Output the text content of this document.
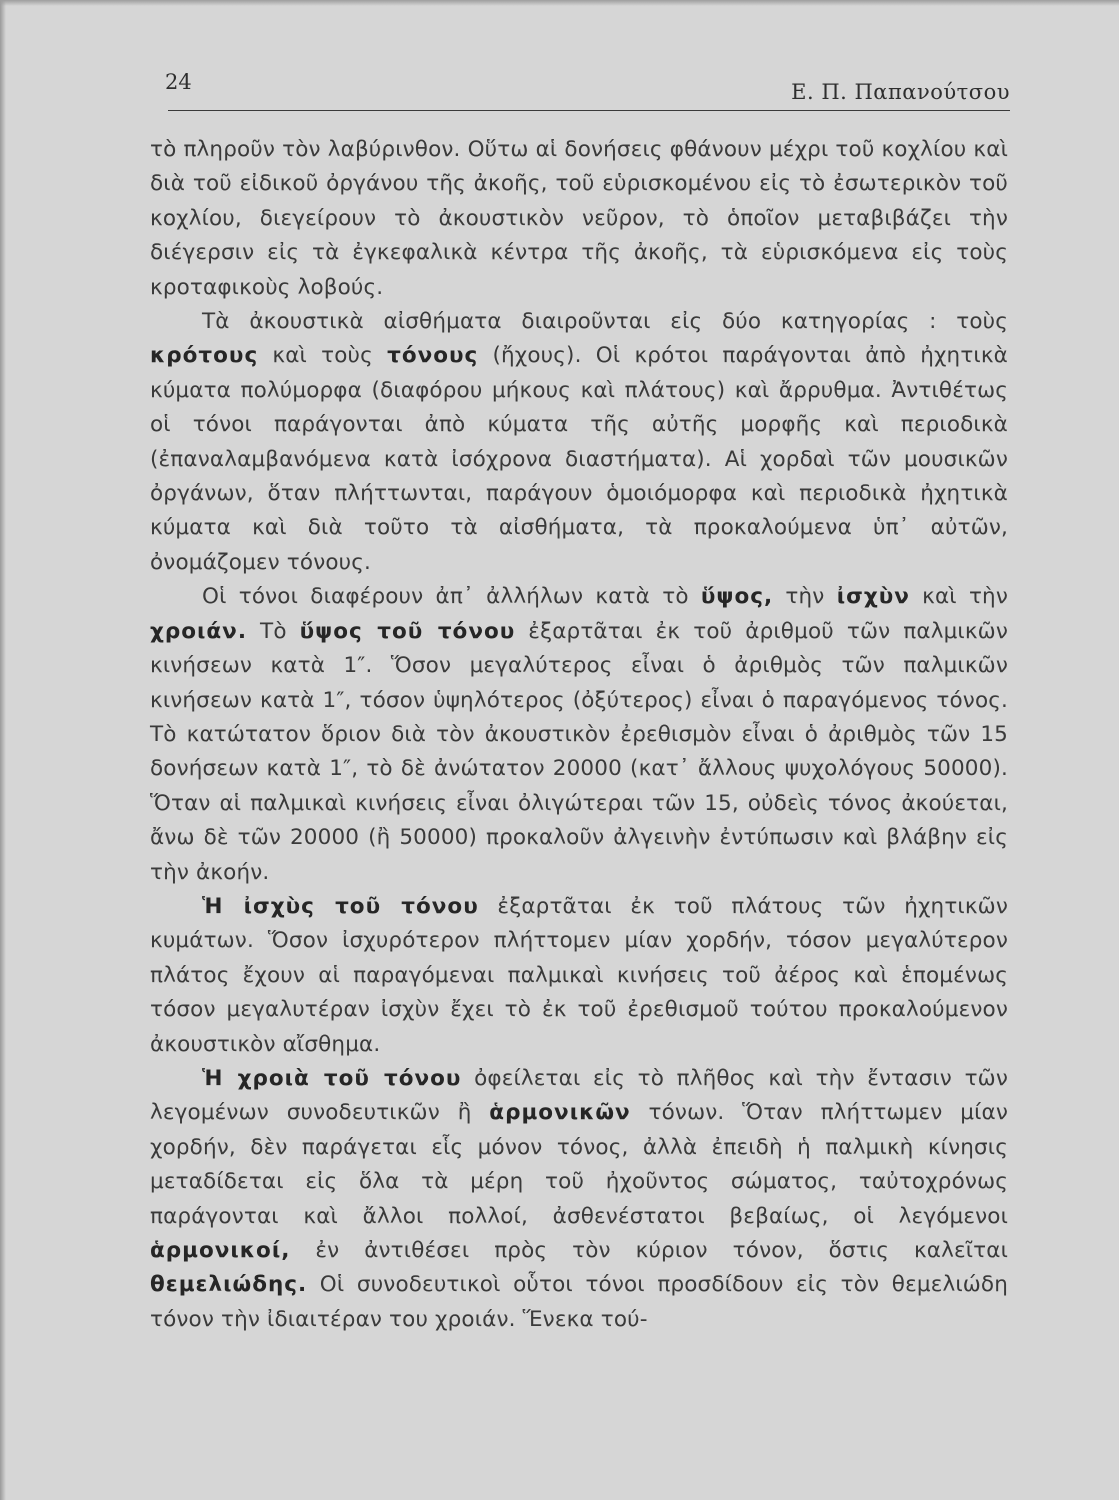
24	Ε. Π. Παπανούτσου

τὸ πληροῦν τὸν λαβύρινθον. Οὕτω αἱ δονήσεις φθάνουν μέχρι τοῦ κοχλίου καὶ διὰ τοῦ εἰδικοῦ ὀργάνου τῆς ἀκοῆς, τοῦ εὑρισκομένου εἰς τὸ ἐσωτερικὸν τοῦ κοχλίου, διεγείρουν τὸ ἀκουστικὸν νεῦρον, τὸ ὁποῖον μεταβιβάζει τὴν διέγερσιν εἰς τὰ ἐγκεφαλικὰ κέντρα τῆς ἀκοῆς, τὰ εὑρισκόμενα εἰς τοὺς κροταφικοὺς λοβούς.

Τὰ ἀκουστικὰ αἰσθήματα διαιροῦνται εἰς δύο κατηγορίας : τοὺς κρότους καὶ τοὺς τόνους (ἤχους). Οἱ κρότοι παράγονται ἀπὸ ἠχητικὰ κύματα πολύμορφα (διαφόρου μήκους καὶ πλάτους) καὶ ἄρρυθμα. Ἀντιθέτως οἱ τόνοι παράγονται ἀπὸ κύματα τῆς αὐτῆς μορφῆς καὶ περιοδικὰ (ἐπαναλαμβανόμενα κατὰ ἰσόχρονα διαστήματα). Αἱ χορδαὶ τῶν μουσικῶν ὀργάνων, ὅταν πλήττωνται, παράγουν ὁμοιόμορφα καὶ περιοδικὰ ἠχητικὰ κύματα καὶ διὰ τοῦτο τὰ αἰσθήματα, τὰ προκαλούμενα ὑπ᾽ αὐτῶν, ὀνομάζομεν τόνους.

Οἱ τόνοι διαφέρουν ἀπ᾽ ἀλλήλων κατὰ τὸ ὕψος, τὴν ἰσχὺν καὶ τὴν χροιάν. Τὸ ὕψος τοῦ τόνου ἐξαρτᾶται ἐκ τοῦ ἀριθμοῦ τῶν παλμικῶν κινήσεων κατὰ 1″. Ὅσον μεγαλύτερος εἶναι ὁ ἀριθμὸς τῶν παλμικῶν κινήσεων κατὰ 1″, τόσον ὑψηλότερος (ὀξύτερος) εἶναι ὁ παραγόμενος τόνος. Τὸ κατώτατον ὅριον διὰ τὸν ἀκουστικὸν ἐρεθισμὸν εἶναι ὁ ἀριθμὸς τῶν 15 δονήσεων κατὰ 1″, τὸ δὲ ἀνώτατον 20000 (κατ᾽ ἄλλους ψυχολόγους 50000). Ὅταν αἱ παλμικαὶ κινήσεις εἶναι ὀλιγώτεραι τῶν 15, οὐδεὶς τόνος ἀκούεται, ἄνω δὲ τῶν 20000 (ἢ 50000) προκαλοῦν ἀλγεινὴν ἐντύπωσιν καὶ βλάβην εἰς τὴν ἀκοήν.

Ἡ ἰσχὺς τοῦ τόνου ἐξαρτᾶται ἐκ τοῦ πλάτους τῶν ἠχητικῶν κυμάτων. Ὅσον ἰσχυρότερον πλήττομεν μίαν χορδήν, τόσον μεγαλύτερον πλάτος ἔχουν αἱ παραγόμεναι παλμικαὶ κινήσεις τοῦ ἀέρος καὶ ἑπομένως τόσον μεγαλυτέραν ἰσχὺν ἔχει τὸ ἐκ τοῦ ἐρεθισμοῦ τούτου προκαλούμενον ἀκουστικὸν αἴσθημα.

Ἡ χροιὰ τοῦ τόνου ὀφείλεται εἰς τὸ πλῆθος καὶ τὴν ἔντασιν τῶν λεγομένων συνοδευτικῶν ἢ ἁρμονικῶν τόνων. Ὅταν πλήττωμεν μίαν χορδήν, δὲν παράγεται εἷς μόνον τόνος, ἀλλὰ ἐπειδὴ ἡ παλμικὴ κίνησις μεταδίδεται εἰς ὅλα τὰ μέρη τοῦ ἠχοῦντος σώματος, ταὐτοχρόνως παράγονται καὶ ἄλλοι πολλοί, ἀσθενέστατοι βεβαίως, οἱ λεγόμενοι ἁρμονικοί, ἐν ἀντιθέσει πρὸς τὸν κύριον τόνον, ὅστις καλεῖται θεμελιώδης. Οἱ συνοδευτικοὶ οὗτοι τόνοι προσδίδουν εἰς τὸν θεμελιώδη τόνον τὴν ἰδιαιτέραν του χροιάν. Ἕνεκα τού-
